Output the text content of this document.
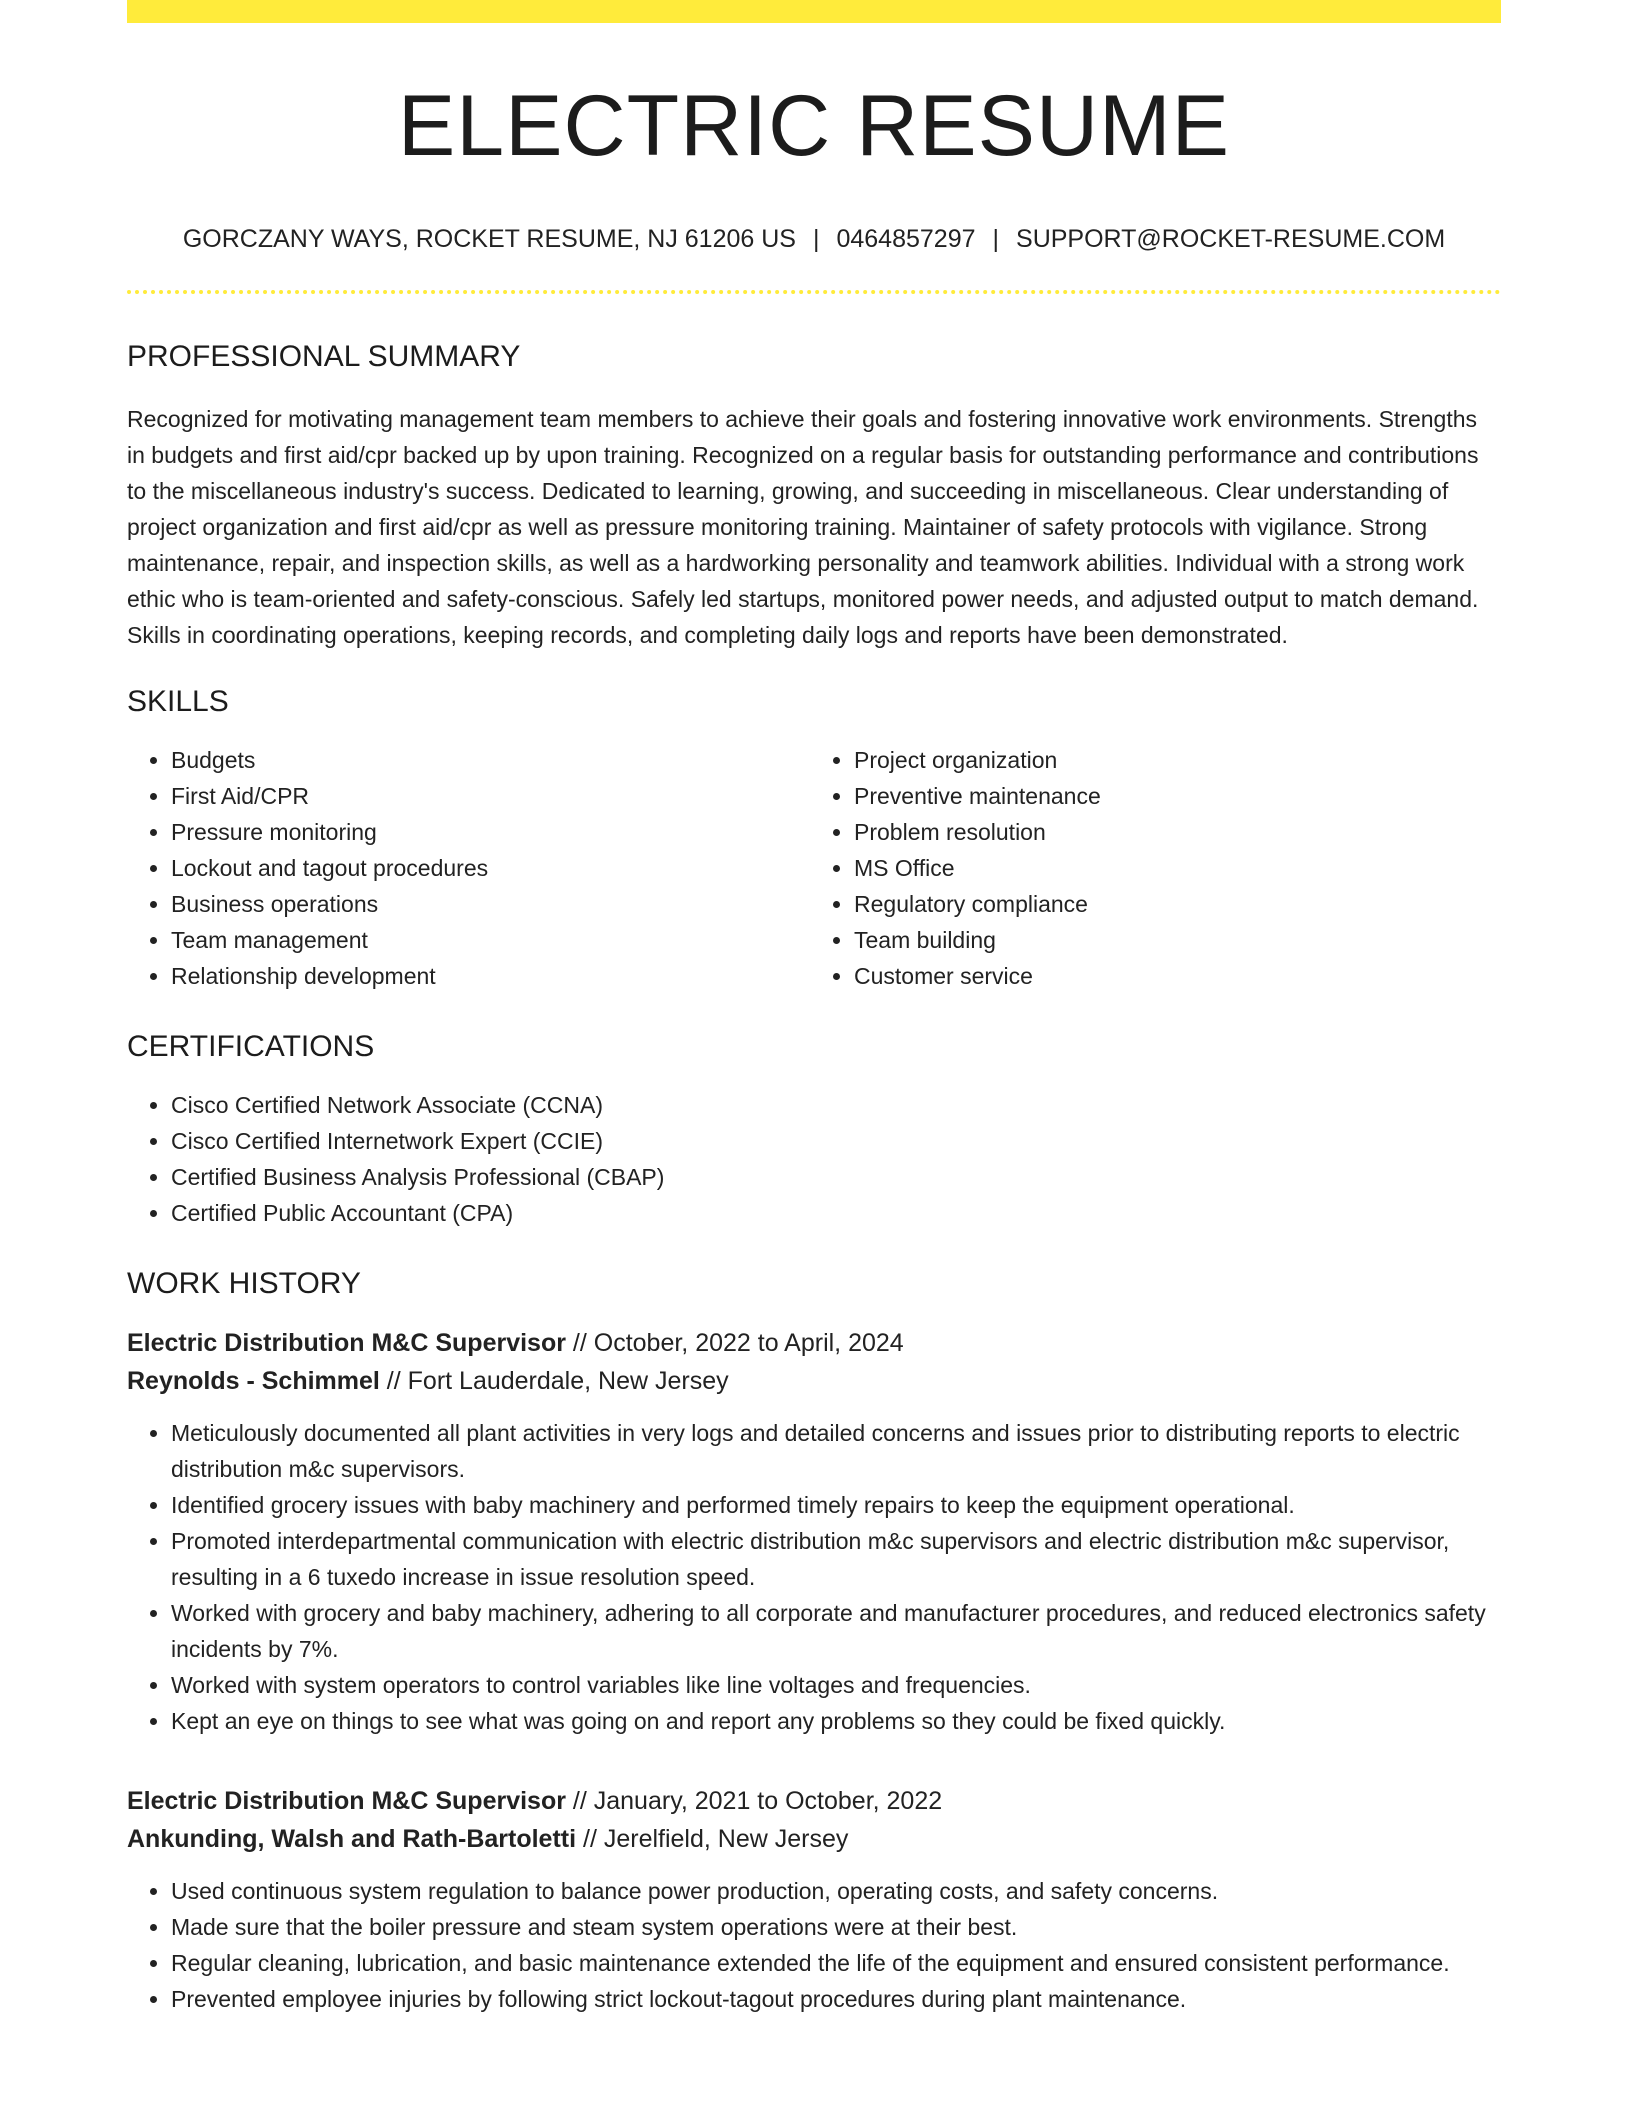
ELECTRIC RESUME
GORCZANY WAYS, ROCKET RESUME, NJ 61206 US | 0464857297 | SUPPORT@ROCKET-RESUME.COM
PROFESSIONAL SUMMARY

Recognized for motivating management team members to achieve their goals and fostering innovative work environments. Strengths in budgets and first aid/cpr backed up by upon training. Recognized on a regular basis for outstanding performance and contributions to the miscellaneous industry's success. Dedicated to learning, growing, and succeeding in miscellaneous. Clear understanding of project organization and first aid/cpr as well as pressure monitoring training. Maintainer of safety protocols with vigilance. Strong maintenance, repair, and inspection skills, as well as a hardworking personality and teamwork abilities. Individual with a strong work ethic who is team-oriented and safety-conscious. Safely led startups, monitored power needs, and adjusted output to match demand. Skills in coordinating operations, keeping records, and completing daily logs and reports have been demonstrated.

SKILLS
• Budgets
• First Aid/CPR
• Pressure monitoring
• Lockout and tagout procedures
• Business operations
• Team management
• Relationship development
• Project organization
• Preventive maintenance
• Problem resolution
• MS Office
• Regulatory compliance
• Team building
• Customer service
CERTIFICATIONS
• Cisco Certified Network Associate (CCNA)
• Cisco Certified Internetwork Expert (CCIE)
• Certified Business Analysis Professional (CBAP)
• Certified Public Accountant (CPA)
WORK HISTORY

Electric Distribution M&C Supervisor // October, 2022 to April, 2024

Reynolds - Schimmel // Fort Lauderdale, New Jersey

• Meticulously documented all plant activities in very logs and detailed concerns and issues prior to distributing reports to electric distribution m&c supervisors.
• Identified grocery issues with baby machinery and performed timely repairs to keep the equipment operational.
• Promoted interdepartmental communication with electric distribution m&c supervisors and electric distribution m&c supervisor, resulting in a 6 tuxedo increase in issue resolution speed.
• Worked with grocery and baby machinery, adhering to all corporate and manufacturer procedures, and reduced electronics safety incidents by 7%.
• Worked with system operators to control variables like line voltages and frequencies.
• Kept an eye on things to see what was going on and report any problems so they could be fixed quickly.

Electric Distribution M&C Supervisor // January, 2021 to October, 2022

Ankunding, Walsh and Rath-Bartoletti // Jerelfield, New Jersey

• Used continuous system regulation to balance power production, operating costs, and safety concerns.
• Made sure that the boiler pressure and steam system operations were at their best.
• Regular cleaning, lubrication, and basic maintenance extended the life of the equipment and ensured consistent performance.
• Prevented employee injuries by following strict lockout-tagout procedures during plant maintenance.
